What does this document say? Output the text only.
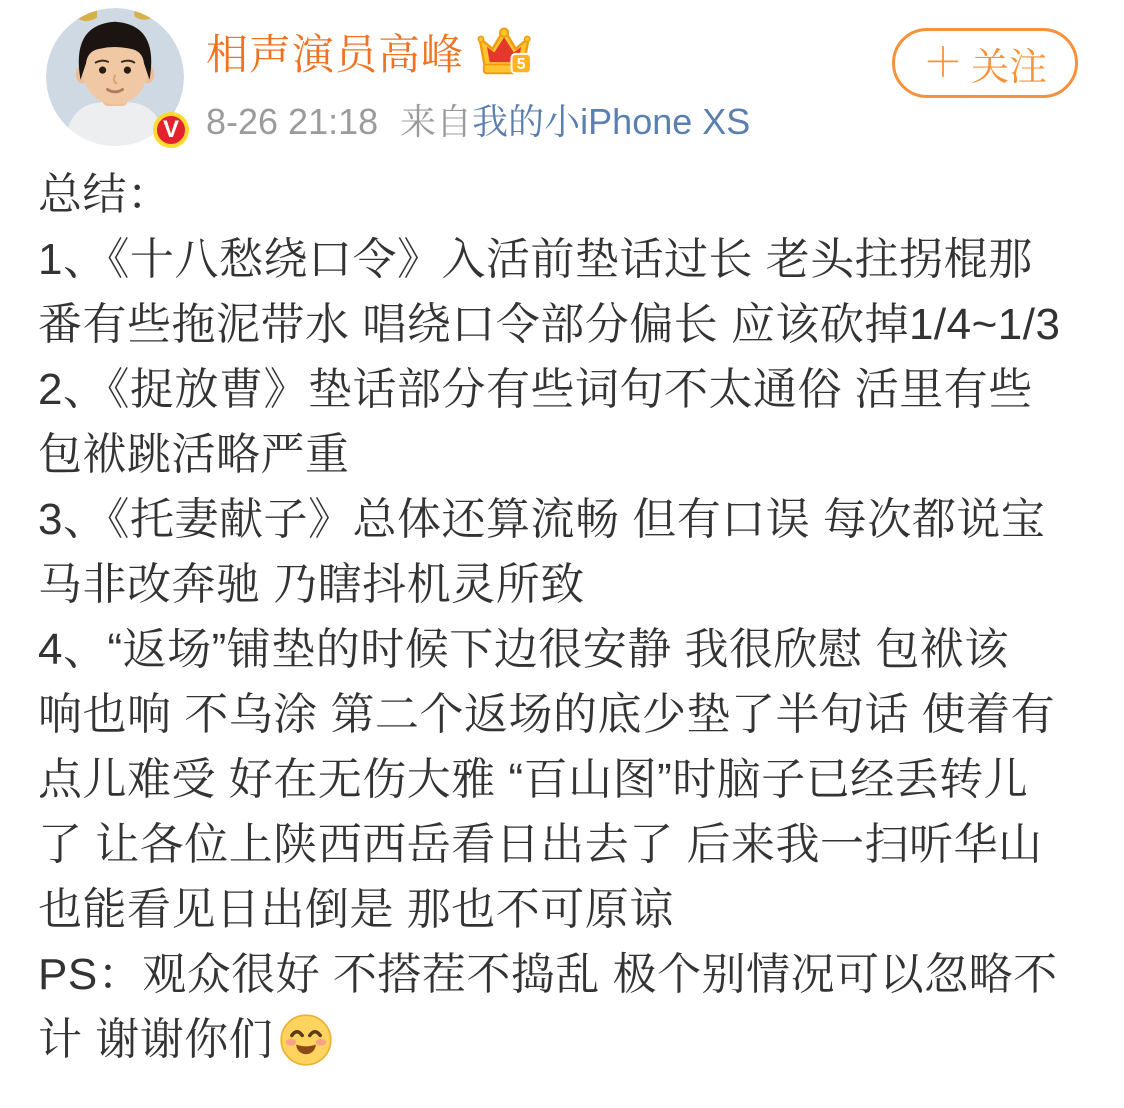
V
相声演员高峰	5
8-26 21:18 来自 我的小iPhone XS
＋ 关注
总结：
1、《十八愁绕口令》入活前垫话过长 老头拄拐棍那
番有些拖泥带水 唱绕口令部分偏长 应该砍掉1/4~1/3
2、《捉放曹》垫话部分有些词句不太通俗 活里有些
包袱跳活略严重
3、《托妻献子》总体还算流畅 但有口误 每次都说宝
马非改奔驰 乃瞎抖机灵所致
4、“返场”铺垫的时候下边很安静 我很欣慰 包袱该
响也响 不乌涂 第二个返场的底少垫了半句话 使着有
点儿难受 好在无伤大雅 “百山图”时脑子已经丢转儿
了 让各位上陕西西岳看日出去了 后来我一扫听华山
也能看见日出倒是 那也不可原谅
PS：观众很好 不搭茬不捣乱 极个别情况可以忽略不
计 谢谢你们
